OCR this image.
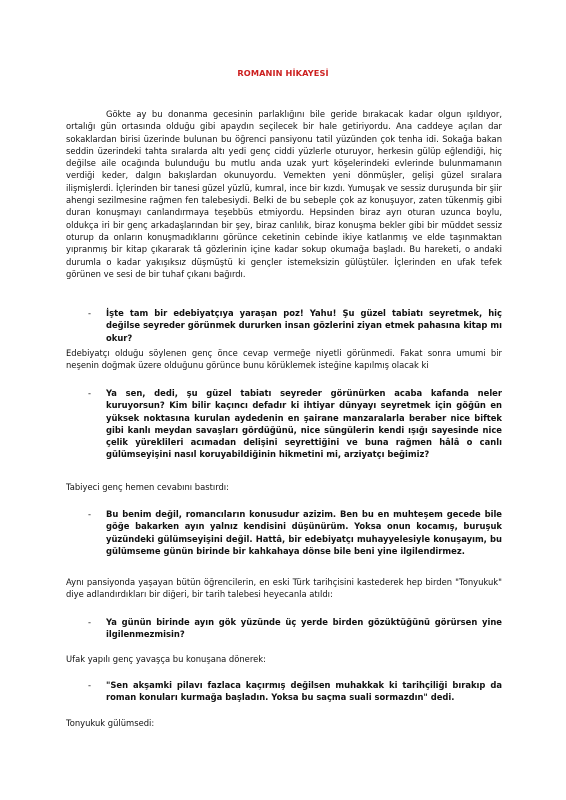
ROMANIN HİKAYESİ

Gökte ay bu donanma gecesinin parlaklığını bile geride bırakacak kadar olgun ışıldıyor, ortalığı gün ortasında olduğu gibi apaydın seçilecek bir hale getiriyordu. Ana caddeye açılan dar sokaklardan birisi üzerinde bulunan bu öğrenci pansiyonu tatil yüzünden çok tenha idi. Sokağa bakan seddin üzerindeki tahta sıralarda altı yedi genç ciddi yüzlerle oturuyor, herkesin gülüp eğlendiği, hiç değilse aile ocağında bulunduğu bu mutlu anda uzak yurt köşelerindeki evlerinde bulunmamanın verdiği keder, dalgın bakışlardan okunuyordu. Vemekten yeni dönmüşler, gelişi güzel sıralara ilişmişlerdi. İçlerinden bir tanesi güzel yüzlü, kumral, ince bir kızdı. Yumuşak ve sessiz duruşunda bir şiir ahengi sezilmesine rağmen fen talebesiydi. Belki de bu sebeple çok az konuşuyor, zaten tükenmiş gibi duran konuşmayı canlandırmaya teşebbüs etmiyordu. Hepsinden biraz ayrı oturan uzunca boylu, oldukça iri bir genç arkadaşlarından bir şey, biraz canlılık, biraz konuşma bekler gibi bir müddet sessiz oturup da onların konuşmadıklarını görünce ceketinin cebinde ikiye katlanmış ve elde taşınmaktan yıpranmış bir kitap çıkararak tâ gözlerinin içine kadar sokup okumağa başladı. Bu hareketi, o andaki durumla o kadar yakışıksız düşmüştü ki gençler istemeksizin gülüştüler. İçlerinden en ufak tefek görünen ve sesi de bir tuhaf çıkanı bağırdı.

- İşte tam bir edebiyatçıya yaraşan poz! Yahu! Şu güzel tabiatı seyretmek, hiç değilse seyreder görünmek dururken insan gözlerini ziyan etmek pahasına kitap mı okur?

Edebiyatçı olduğu söylenen genç önce cevap vermeğe niyetli görünmedi. Fakat sonra umumi bir neşenin doğmak üzere olduğunu görünce bunu körüklemek isteğine kapılmış olacak ki

- Ya sen, dedi, şu güzel tabiatı seyreder görünürken acaba kafanda neler kuruyorsun? Kim bilir kaçıncı defadır ki ihtiyar dünyayı seyretmek için göğün en yüksek noktasına kurulan aydedenin en şairane manzaralarla beraber nice biftek gibi kanlı meydan savaşları gördüğünü, nice süngülerin kendi ışığı sayesinde nice çelik yüreklileri acımadan delişini seyrettiğini ve buna rağmen hâlâ o canlı gülümseyişini nasıl koruyabildiğinin hikmetini mi, arziyatçı beğimiz?

Tabiyeci genç hemen cevabını bastırdı:

- Bu benim değil, romancıların konusudur azizim. Ben bu en muhteşem gecede bile göğe bakarken ayın yalnız kendisini düşünürüm. Yoksa onun kocamış, buruşuk yüzündeki gülümseyişini değil. Hattâ, bir edebiyatçı muhayyelesiyle konuşayım, bu gülümseme günün birinde bir kahkahaya dönse bile beni yine ilgilendirmez.

Aynı pansiyonda yaşayan bütün öğrencilerin, en eski Türk tarihçisini kastederek hep birden "Tonyukuk" diye adlandırdıkları bir diğeri, bir tarih talebesi heyecanla atıldı:

- Ya günün birinde ayın gök yüzünde üç yerde birden gözüktüğünü görürsen yine ilgilenmezmisin?

Ufak yapılı genç yavaşça bu konuşana dönerek:

- "Sen akşamki pilavı fazlaca kaçırmış değilsen muhakkak ki tarihçiliği bırakıp da roman konuları kurmağa başladın. Yoksa bu saçma suali sormazdın" dedi.

Tonyukuk gülümsedi:
